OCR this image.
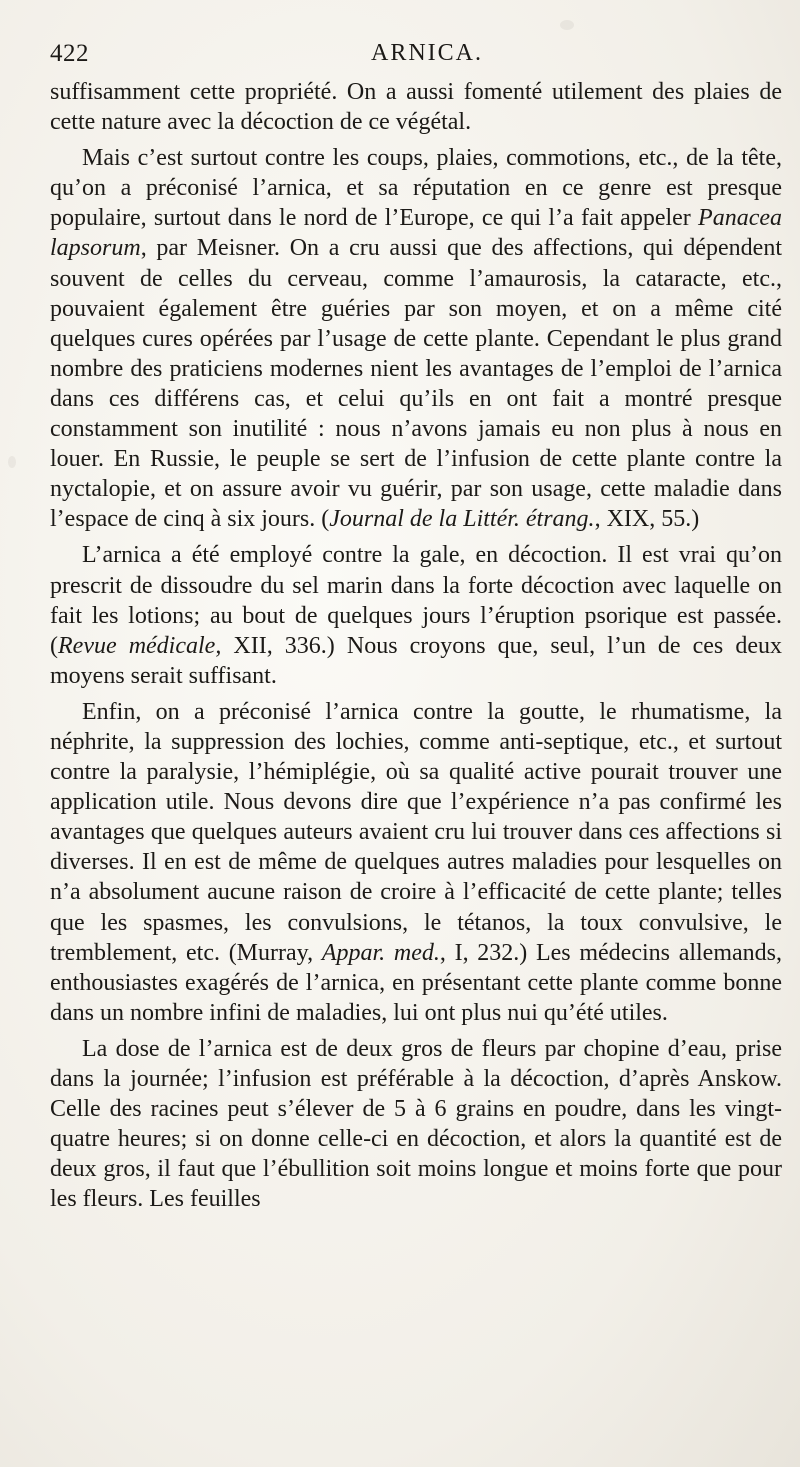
422	ARNICA.

suffisamment cette propriété. On a aussi fomenté utilement des plaies de cette nature avec la décoction de ce végétal.

Mais c’est surtout contre les coups, plaies, commotions, etc., de la tête, qu’on a préconisé l’arnica, et sa réputation en ce genre est presque populaire, surtout dans le nord de l’Europe, ce qui l’a fait appeler Panacea lapsorum, par Meisner. On a cru aussi que des affections, qui dépendent souvent de celles du cerveau, comme l’amaurosis, la cataracte, etc., pouvaient également être guéries par son moyen, et on a même cité quelques cures opérées par l’usage de cette plante. Cependant le plus grand nombre des praticiens modernes nient les avantages de l’emploi de l’arnica dans ces différens cas, et celui qu’ils en ont fait a montré presque constamment son inutilité : nous n’avons jamais eu non plus à nous en louer. En Russie, le peuple se sert de l’infusion de cette plante contre la nyctalopie, et on assure avoir vu guérir, par son usage, cette maladie dans l’espace de cinq à six jours. (Journal de la Littér. étrang., XIX, 55.)

L’arnica a été employé contre la gale, en décoction. Il est vrai qu’on prescrit de dissoudre du sel marin dans la forte décoction avec laquelle on fait les lotions; au bout de quelques jours l’éruption psorique est passée. (Revue médicale, XII, 336.) Nous croyons que, seul, l’un de ces deux moyens serait suffisant.

Enfin, on a préconisé l’arnica contre la goutte, le rhumatisme, la néphrite, la suppression des lochies, comme anti-septique, etc., et surtout contre la paralysie, l’hémiplégie, où sa qualité active pourait trouver une application utile. Nous devons dire que l’expérience n’a pas confirmé les avantages que quelques auteurs avaient cru lui trouver dans ces affections si diverses. Il en est de même de quelques autres maladies pour lesquelles on n’a absolument aucune raison de croire à l’efficacité de cette plante; telles que les spasmes, les convulsions, le tétanos, la toux convulsive, le tremblement, etc. (Murray, Appar. med., I, 232.) Les médecins allemands, enthousiastes exagérés de l’arnica, en présentant cette plante comme bonne dans un nombre infini de maladies, lui ont plus nui qu’été utiles.

La dose de l’arnica est de deux gros de fleurs par chopine d’eau, prise dans la journée; l’infusion est préférable à la décoction, d’après Anskow. Celle des racines peut s’élever de 5 à 6 grains en poudre, dans les vingt-quatre heures; si on donne celle-ci en décoction, et alors la quantité est de deux gros, il faut que l’ébullition soit moins longue et moins forte que pour les fleurs. Les feuilles
